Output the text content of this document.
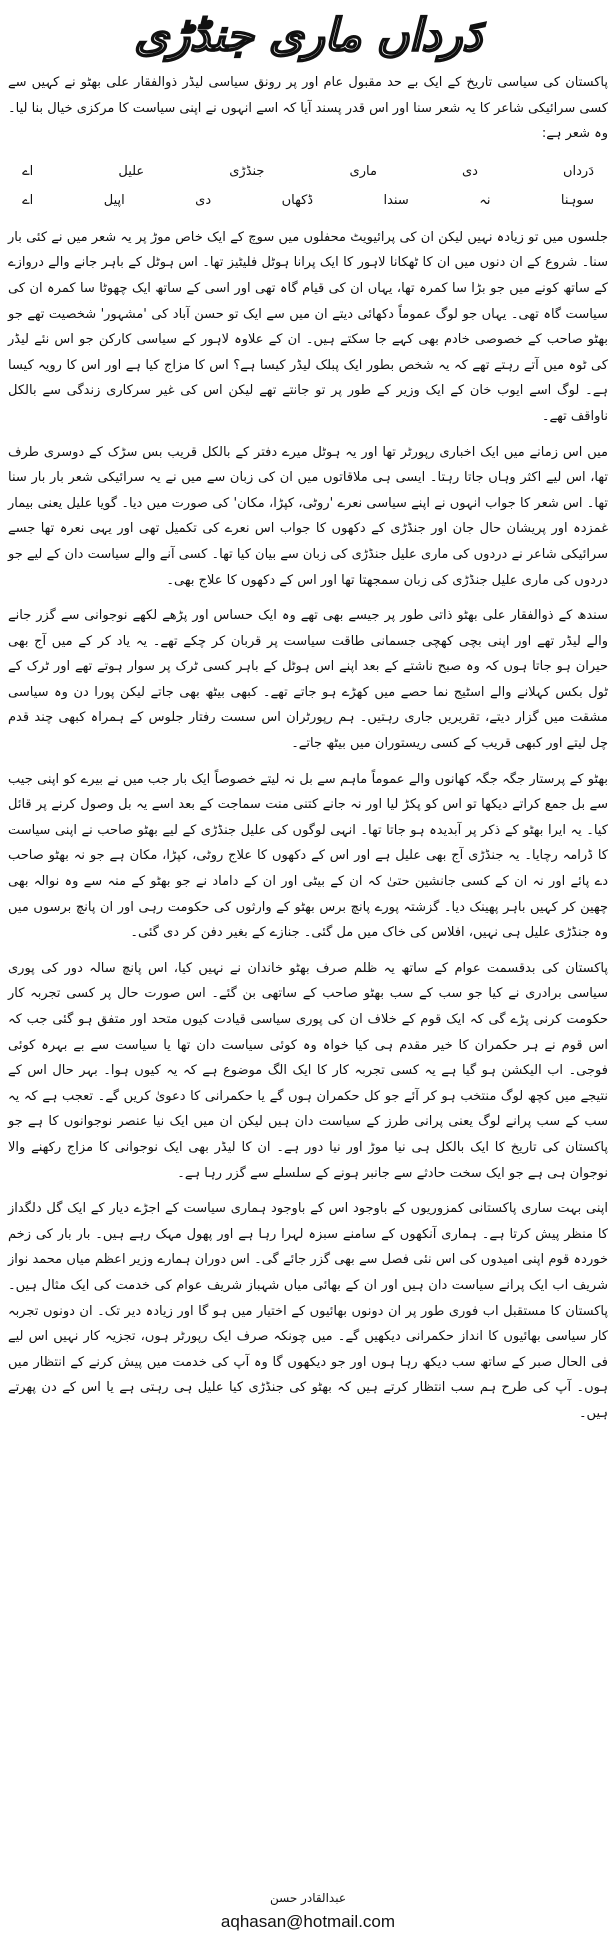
دَرداں ماری جنڈڑی

پاکستان کی سیاسی تاریخ کے ایک بے حد مقبول عام اور پر رونق سیاسی لیڈر ذوالفقار علی بھٹو نے کہیں سے کسی سرائیکی شاعر کا یہ شعر سنا اور اس قدر پسند آیا کہ اسے انہوں نے اپنی سیاست کا مرکزی خیال بنا لیا۔ وہ شعر ہے:

دَرداں
دی
ماری
جنڈڑی
علیل
اے
سوہنا
نہ
سندا
ڈکھاں
دی
اپیل
اے

جلسوں میں تو زیادہ نہیں لیکن ان کی پرائیویٹ محفلوں میں سوچ کے ایک خاص موڑ پر یہ شعر میں نے کئی بار سنا۔ شروع کے ان دنوں میں ان کا ٹھکانا لاہور کا ایک پرانا ہوٹل فلیٹیز تھا۔ اس ہوٹل کے باہر جانے والے دروازے کے ساتھ کونے میں جو بڑا سا کمرہ تھا، یہاں ان کی قیام گاہ تھی اور اسی کے ساتھ ایک چھوٹا سا کمرہ ان کی سیاست گاہ تھی۔ یہاں جو لوگ عموماً دکھائی دیتے ان میں سے ایک تو حسن آباد کی 'مشہور' شخصیت تھے جو بھٹو صاحب کے خصوصی خادم بھی کہے جا سکتے ہیں۔ ان کے علاوہ لاہور کے سیاسی کارکن جو اس نئے لیڈر کی ٹوہ میں آتے رہتے تھے کہ یہ شخص بطور ایک پبلک لیڈر کیسا ہے؟ اس کا مزاج کیا ہے اور اس کا رویہ کیسا ہے۔ لوگ اسے ایوب خان کے ایک وزیر کے طور پر تو جانتے تھے لیکن اس کی غیر سرکاری زندگی سے بالکل ناواقف تھے۔

میں اس زمانے میں ایک اخباری رپورٹر تھا اور یہ ہوٹل میرے دفتر کے بالکل قریب بس سڑک کے دوسری طرف تھا، اس لیے اکثر وہاں جاتا رہتا۔ ایسی ہی ملاقاتوں میں ان کی زبان سے میں نے یہ سرائیکی شعر بار بار سنا تھا۔ اس شعر کا جواب انہوں نے اپنے سیاسی نعرے 'روٹی، کپڑا، مکان' کی صورت میں دیا۔ گویا علیل یعنی بیمار غمزدہ اور پریشان حال جان اور جنڈڑی کے دکھوں کا جواب اس نعرے کی تکمیل تھی اور یہی نعرہ تھا جسے سرائیکی شاعر نے دردوں کی ماری علیل جنڈڑی کی زبان سے بیان کیا تھا۔ کسی آنے والے سیاست دان کے لیے جو دردوں کی ماری علیل جنڈڑی کی زبان سمجھتا تھا اور اس کے دکھوں کا علاج بھی۔

سندھ کے ذوالفقار علی بھٹو ذاتی طور پر جیسے بھی تھے وہ ایک حساس اور پڑھے لکھے نوجوانی سے گزر جانے والے لیڈر تھے اور اپنی بچی کھچی جسمانی طاقت سیاست پر قربان کر چکے تھے۔ یہ یاد کر کے میں آج بھی حیران ہو جاتا ہوں کہ وہ صبح ناشتے کے بعد اپنے اس ہوٹل کے باہر کسی ٹرک پر سوار ہوتے تھے اور ٹرک کے ٹول بکس کہلانے والے اسٹیج نما حصے میں کھڑے ہو جاتے تھے۔ کبھی بیٹھ بھی جاتے لیکن پورا دن وہ سیاسی مشقت میں گزار دیتے، تقریریں جاری رہتیں۔ ہم رپورٹران اس سست رفتار جلوس کے ہمراہ کبھی چند قدم چل لیتے اور کبھی قریب کے کسی ریستوران میں بیٹھ جاتے۔

بھٹو کے پرستار جگہ جگہ کھانوں والے عموماً ماہم سے بل نہ لیتے خصوصاً ایک بار جب میں نے بیرے کو اپنی جیب سے بل جمع کراتے دیکھا تو اس کو پکڑ لیا اور نہ جانے کتنی منت سماجت کے بعد اسے یہ بل وصول کرنے پر قائل کیا۔ یہ ایرا بھٹو کے ذکر پر آبدیدہ ہو جاتا تھا۔ انہی لوگوں کی علیل جنڈڑی کے لیے بھٹو صاحب نے اپنی سیاست کا ڈرامہ رچایا۔ یہ جنڈڑی آج بھی علیل ہے اور اس کے دکھوں کا علاج روٹی، کپڑا، مکان ہے جو نہ بھٹو صاحب دے پائے اور نہ ان کے کسی جانشین حتیٰ کہ ان کے بیٹی اور ان کے داماد نے جو بھٹو کے منہ سے وہ نوالہ بھی چھین کر کہیں باہر پھینک دیا۔ گزشتہ پورے پانچ برس بھٹو کے وارثوں کی حکومت رہی اور ان پانچ برسوں میں وہ جنڈڑی علیل ہی نہیں، افلاس کی خاک میں مل گئی۔ جنازے کے بغیر دفن کر دی گئی۔

پاکستان کی بدقسمت عوام کے ساتھ یہ ظلم صرف بھٹو خاندان نے نہیں کیا، اس پانچ سالہ دور کی پوری سیاسی برادری نے کیا جو سب کے سب بھٹو صاحب کے ساتھی بن گئے۔ اس صورت حال پر کسی تجربہ کار حکومت کرنی پڑے گی کہ ایک قوم کے خلاف ان کی پوری سیاسی قیادت کیوں متحد اور متفق ہو گئی جب کہ اس قوم نے ہر حکمران کا خیر مقدم ہی کیا خواہ وہ کوئی سیاست دان تھا یا سیاست سے بے بہرہ کوئی فوجی۔ اب الیکشن ہو گیا ہے یہ کسی تجربہ کار کا ایک الگ موضوع ہے کہ یہ کیوں ہوا۔ بہر حال اس کے نتیجے میں کچھ لوگ منتخب ہو کر آئے جو کل حکمران ہوں گے یا حکمرانی کا دعویٰ کریں گے۔ تعجب ہے کہ یہ سب کے سب پرانے لوگ یعنی پرانی طرز کے سیاست دان ہیں لیکن ان میں ایک نیا عنصر نوجوانوں کا ہے جو پاکستان کی تاریخ کا ایک بالکل ہی نیا موڑ اور نیا دور ہے۔ ان کا لیڈر بھی ایک نوجوانی کا مزاج رکھنے والا نوجوان ہی ہے جو ایک سخت حادثے سے جانبر ہونے کے سلسلے سے گزر رہا ہے۔

اپنی بہت ساری پاکستانی کمزوریوں کے باوجود اس کے باوجود ہماری سیاست کے اجڑے دیار کے ایک گل دلگداز کا منظر پیش کرتا ہے۔ ہماری آنکھوں کے سامنے سبزہ لہرا رہا ہے اور پھول مہک رہے ہیں۔ بار بار کی زخم خوردہ قوم اپنی امیدوں کی اس نئی فصل سے بھی گزر جائے گی۔ اس دوران ہمارے وزیر اعظم میاں محمد نواز شریف اب ایک پرانے سیاست دان ہیں اور ان کے بھائی میاں شہباز شریف عوام کی خدمت کی ایک مثال ہیں۔ پاکستان کا مستقبل اب فوری طور پر ان دونوں بھائیوں کے اختیار میں ہو گا اور زیادہ دیر تک۔ ان دونوں تجربہ کار سیاسی بھائیوں کا انداز حکمرانی دیکھیں گے۔ میں چونکہ صرف ایک رپورٹر ہوں، تجزیہ کار نہیں اس لیے فی الحال صبر کے ساتھ سب دیکھ رہا ہوں اور جو دیکھوں گا وہ آپ کی خدمت میں پیش کرنے کے انتظار میں ہوں۔ آپ کی طرح ہم سب انتظار کرتے ہیں کہ بھٹو کی جنڈڑی کیا علیل ہی رہتی ہے یا اس کے دن پھرتے ہیں۔

عبدالقادر حسن
aqhasan@hotmail.com
